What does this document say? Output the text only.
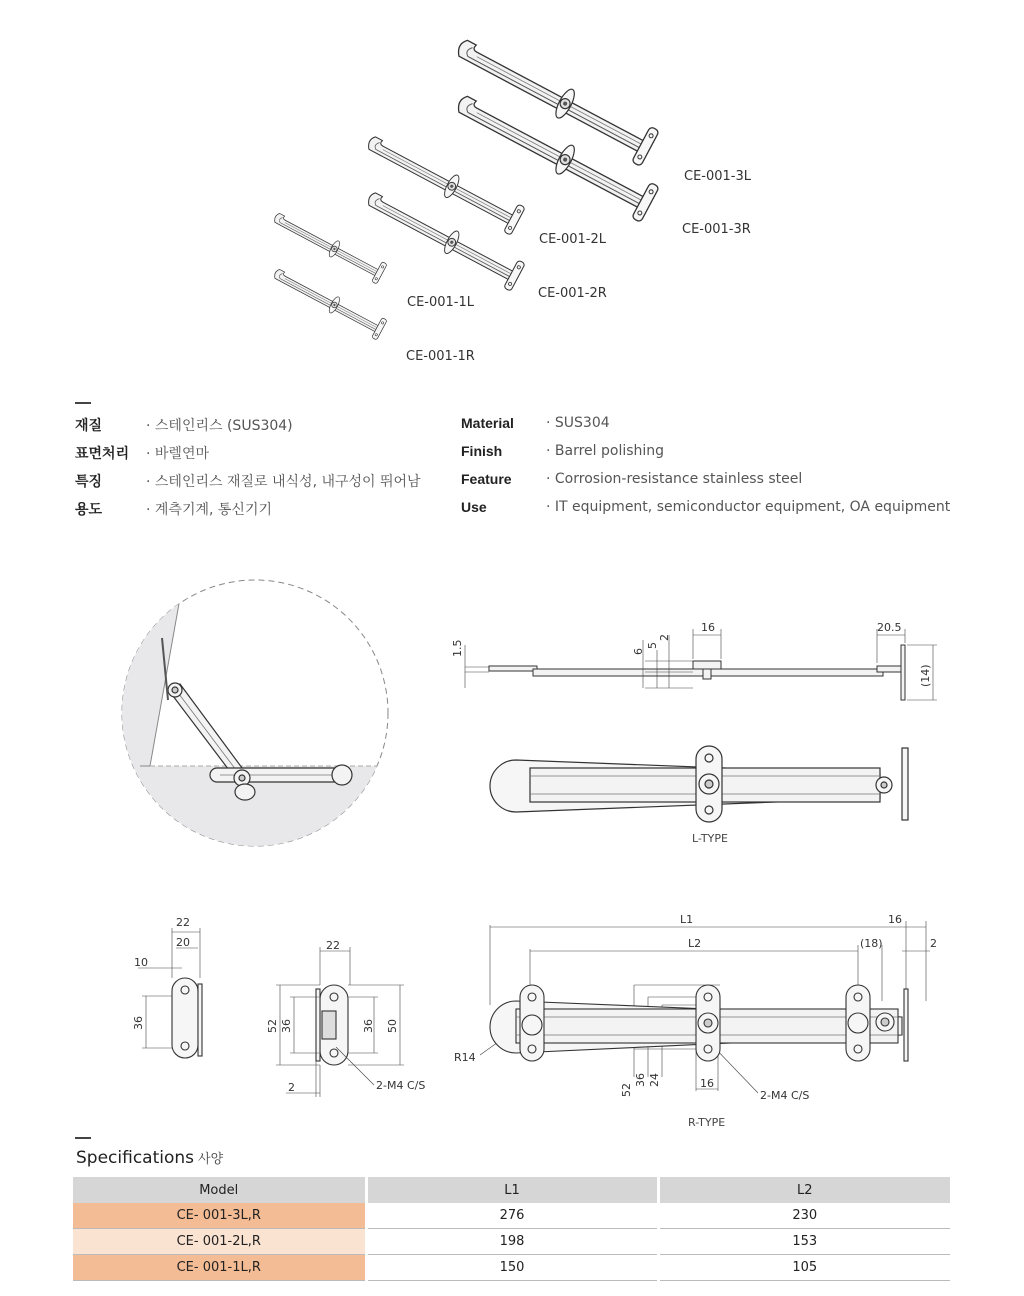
CE-001-3L
CE-001-3R
CE-001-2L
CE-001-2R
CE-001-1L
CE-001-1R
재질	· 스테인리스 (SUS304)	Material · SUS304
표면처리 · 바렐연마	Finish	· Barrel polishing
특징	· 스테인리스 재질로 내식성, 내구성이 뛰어남	Feature · Corrosion-resistance stainless steel
용도	· 계측기계, 통신기기	Use	· IT equipment, semiconductor equipment, OA equipment
1.5	6
5
2
16	20.5
(14)
L-TYPE
22
20
10
36
22
52 36	36 50
2	2-M4 C/S
L1	16
L2	(18)	2
R14
52
36 24	16
2-M4 C/S
R-TYPE
Specifications 사양
Model	L1	L2
CE- 001-3L,R	276	230
CE- 001-2L,R	198	153
CE- 001-1L,R	150	105
